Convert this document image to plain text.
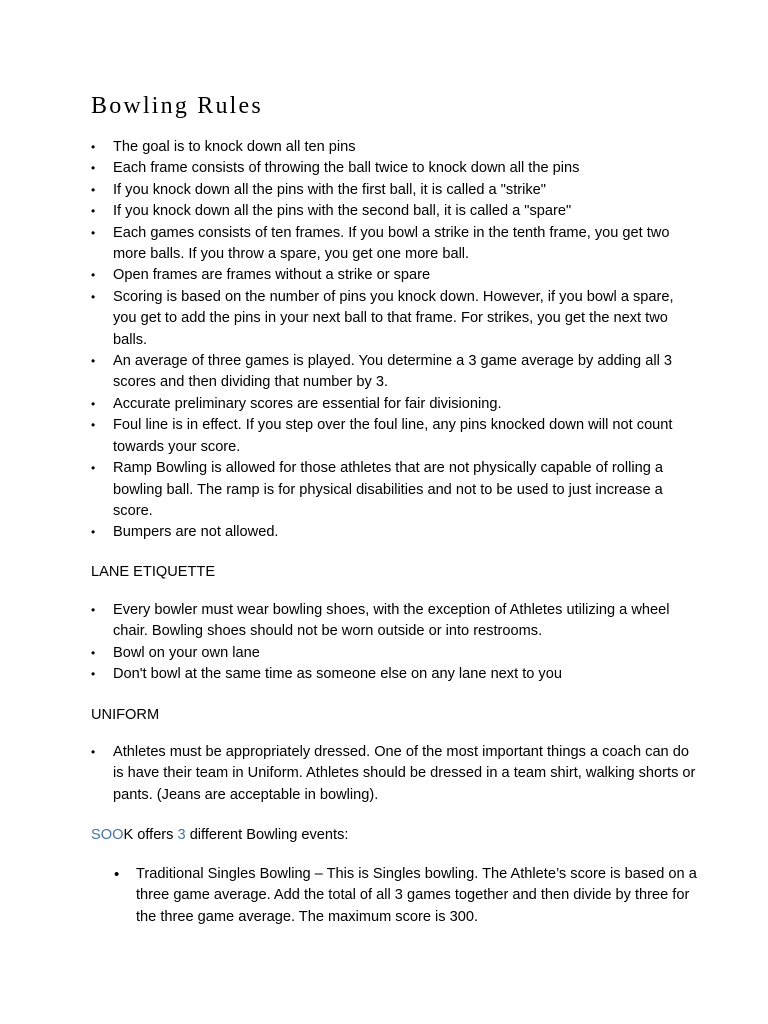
Bowling Rules
• The goal is to knock down all ten pins
• Each frame consists of throwing the ball twice to knock down all the pins
• If you knock down all the pins with the first ball, it is called a "strike"
• If you knock down all the pins with the second ball, it is called a "spare"
• Each games consists of ten frames. If you bowl a strike in the tenth frame, you get two more balls. If you throw a spare, you get one more ball.
• Open frames are frames without a strike or spare
• Scoring is based on the number of pins you knock down. However, if you bowl a spare, you get to add the pins in your next ball to that frame. For strikes, you get the next two balls.
• An average of three games is played. You determine a 3 game average by adding all 3 scores and then dividing that number by 3.
• Accurate preliminary scores are essential for fair divisioning.
• Foul line is in effect. If you step over the foul line, any pins knocked down will not count towards your score.
• Ramp Bowling is allowed for those athletes that are not physically capable of rolling a bowling ball. The ramp is for physical disabilities and not to be used to just increase a score.
• Bumpers are not allowed.

LANE ETIQUETTE

• Every bowler must wear bowling shoes, with the exception of Athletes utilizing a wheel chair. Bowling shoes should not be worn outside or into restrooms.
• Bowl on your own lane
• Don't bowl at the same time as someone else on any lane next to you

UNIFORM

• Athletes must be appropriately dressed. One of the most important things a coach can do is have their team in Uniform. Athletes should be dressed in a team shirt, walking shorts or pants. (Jeans are acceptable in bowling).

SOOK offers 3 different Bowling events:

• Traditional Singles Bowling – This is Singles bowling. The Athlete’s score is based on a three game average. Add the total of all 3 games together and then divide by three for the three game average. The maximum score is 300.
